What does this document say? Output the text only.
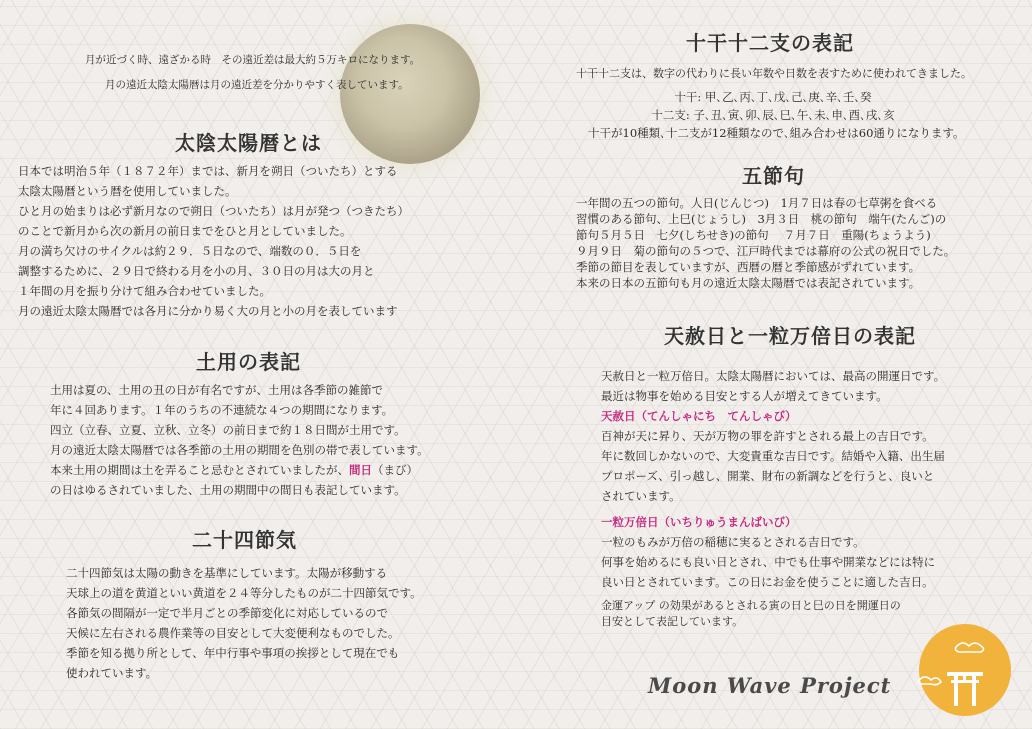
月が近づく時、遠ざかる時　その遠近差は最大約５万キロになります。
月の遠近太陰太陽暦は月の遠近差を分かりやすく表しています。
太陰太陽暦とは
日本では明治５年（１８７２年）までは、新月を朔日（ついたち）とする
太陰太陽暦という暦を使用していました。
ひと月の始まりは必ず新月なので朔日（ついたち）は月が発つ（つきたち）
のことで新月から次の新月の前日までをひと月としていました。
月の満ち欠けのサイクルは約２９．５日なので、端数の０．５日を
調整するために、２９日で終わる月を小の月、３０日の月は大の月と
１年間の月を振り分けて組み合わせていました。
月の遠近太陰太陽暦では各月に分かり易く大の月と小の月を表しています
土用の表記
土用は夏の、土用の丑の日が有名ですが、土用は各季節の雑節で
年に４回あります。１年のうちの不連続な４つの期間になります。
四立（立春、立夏、立秋、立冬）の前日まで約１８日間が土用です。
月の遠近太陰太陽暦では各季節の土用の期間を色別の帯で表しています。
本来土用の期間は土を弄ること忌むとされていましたが、間日（まび）
の日はゆるされていました、土用の期間中の間日も表記しています。
二十四節気
二十四節気は太陽の動きを基準にしています。太陽が移動する
天球上の道を黄道といい黄道を２４等分したものが二十四節気です。
各節気の間隔が一定で半月ごとの季節変化に対応しているので
天候に左右される農作業等の目安として大変便利なものでした。
季節を知る拠り所として、年中行事や事項の挨拶として現在でも
使われています。
十干十二支の表記
十干十二支は、数字の代わりに長い年数や日数を表すために使われてきました。
十干: 甲､乙､丙､丁､戊､己､庚､辛､壬､癸
十二支: 子､丑､寅､卯､辰､巳､午､未､申､酉､戌､亥
十干が10種類､十二支が12種類なので､組み合わせは60通りになります。
五節句
一年間の五つの節句。人日(じんじつ)　1月７日は春の七草粥を食べる
習慣のある節句、上巳(じょうし)　3月３日　桃の節句　端午(たんご)の
節句５月５日　七夕(しちせき)の節句　 ７月７日　重陽(ちょうよう)
９月９日　菊の節句の５つで、江戸時代までは幕府の公式の祝日でした。
季節の節目を表していますが、西暦の暦と季節感がずれています。
本来の日本の五節句も月の遠近太陰太陽暦では表記されています。
天赦日と一粒万倍日の表記
天赦日と一粒万倍日。太陰太陽暦においては、最高の開運日です。
最近は物事を始める目安とする人が増えてきています。
天赦日（てんしゃにち　てんしゃび）
百神が天に昇り、天が万物の罪を許すとされる最上の吉日です。
年に数回しかないので、大変貴重な吉日です。結婚や入籍、出生届
プロポーズ、引っ越し、開業、財布の新調などを行うと、良いと
されています。
一粒万倍日（いちりゅうまんばいび）
一粒のもみが万倍の稲穂に実るとされる吉日です。
何事を始めるにも良い日とされ、中でも仕事や開業などには特に
良い日とされています。この日にお金を使うことに適した吉日。
金運アップ の効果があるとされる寅の日と巳の日を開運日の
目安として表記しています。
Moon Wave Project
